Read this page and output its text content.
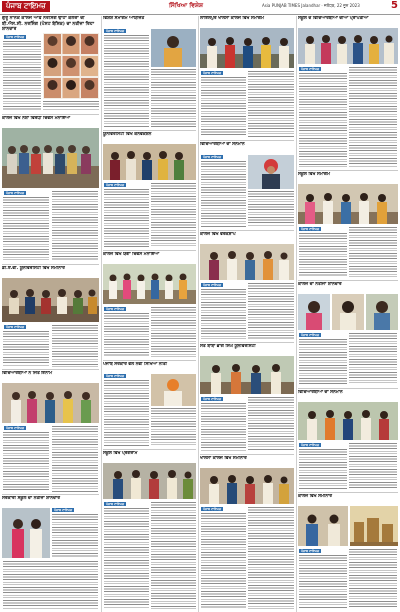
ਪੰਜਾਬ ਟਾਇਮਜ਼	ਸਿੱਖਿਆ ਵਿਸ਼ੇਸ਼	Asia PUNJAB TIMES Jalandhar · ਜਲੰਧਰ, 22 ਜੂਨ 2023	5
ਗੁਰੂ ਨਾਨਕ ਕਾਲਜ ਆਫ ਨਰਸਿੰਗ ਢਾਹਾਂ ਕਲੇਰਾਂ ਦੀ ਬੀ.ਐਸ.ਸੀ. ਨਰਸਿੰਗ (ਪੋਸਟ ਬੇਸਿਕ) ਦਾ ਨਤੀਜਾ ਰਿਹਾ ਸ਼ਾਨਦਾਰ
ਪੰਜਾਬ ਟਾਇਮਜ਼
ਕਾਲਜ ਵਿਖੇ ਨਸ਼ਾ ਵਿਰੋਧੀ ਦਿਵਸ ਮਨਾਇਆ
ਪੰਜਾਬ ਟਾਇਮਜ਼
ਡੀ.ਏ.ਵੀ. ਯੂਨੀਵਰਸਿਟੀ ਵਿਖੇ ਸੈਮੀਨਾਰ
ਪੰਜਾਬ ਟਾਇਮਜ਼
ਵਿਦਿਆਰਥੀਆਂ ਨੇ ਜਿੱਤੇ ਇਨਾਮ
ਪੰਜਾਬ ਟਾਇਮਜ਼
ਸਰਕਾਰੀ ਸਕੂਲ ਦਾ ਨਤੀਜਾ ਸ਼ਾਨਦਾਰ
ਪੰਜਾਬ ਟਾਇਮਜ਼
ਵਿਸ਼ੇਸ਼ ਸਮਾਗਮ ਆਯੋਜਿਤ
ਪੰਜਾਬ ਟਾਇਮਜ਼
ਯੂਨੀਵਰਸਿਟੀ ਵਿਖੇ ਕਨਵੋਕੇਸ਼ਨ
ਪੰਜਾਬ ਟਾਇਮਜ਼
ਕਾਲਜ ਵਿਖੇ ਯੋਗਾ ਦਿਵਸ ਮਨਾਇਆ
ਪੰਜਾਬ ਟਾਇਮਜ਼
ਪੰਜਾਬ ਸਰਕਾਰ ਵੱਲੋਂ ਨਵੀਂ ਸਿੱਖਿਆ ਨੀਤੀ
ਪੰਜਾਬ ਟਾਇਮਜ਼
ਸਕੂਲ ਵਿਖੇ ਪ੍ਰੋਗਰਾਮ
ਪੰਜਾਬ ਟਾਇਮਜ਼
ਲਾਇਲਪੁਰ ਖਾਲਸਾ ਕਾਲਜ ਵਿਖੇ ਸਮਾਗਮ
ਪੰਜਾਬ ਟਾਇਮਜ਼
ਵਿਦਿਆਰਥੀਆਂ ਦਾ ਸਨਮਾਨ
ਪੰਜਾਬ ਟਾਇਮਜ਼
ਕਾਲਜ ਵਿਖੇ ਵਰਕਸ਼ਾਪ
ਪੰਜਾਬ ਟਾਇਮਜ਼
ਸੰਤ ਬਾਬਾ ਭਾਗ ਸਿੰਘ ਯੂਨੀਵਰਸਿਟੀ
ਪੰਜਾਬ ਟਾਇਮਜ਼
ਖਾਲਸਾ ਕਾਲਜ ਵਿਖੇ ਸੈਮੀਨਾਰ
ਪੰਜਾਬ ਟਾਇਮਜ਼
ਸਕੂਲ ਦੇ ਵਿਦਿਆਰਥੀਆਂ ਦੀਆਂ ਪ੍ਰਾਪਤੀਆਂ
ਪੰਜਾਬ ਟਾਇਮਜ਼
ਸਕੂਲ ਵਿਖੇ ਸਮਾਗਮ
ਪੰਜਾਬ ਟਾਇਮਜ਼
ਕਾਲਜ ਦਾ ਨਤੀਜਾ ਸ਼ਾਨਦਾਰ
ਪੰਜਾਬ ਟਾਇਮਜ਼
ਵਿਦਿਆਰਥੀਆਂ ਦਾ ਸਨਮਾਨ
ਪੰਜਾਬ ਟਾਇਮਜ਼
ਕਾਲਜ ਵਿਖੇ ਸੈਮੀਨਾਰ
ਪੰਜਾਬ ਟਾਇਮਜ਼
